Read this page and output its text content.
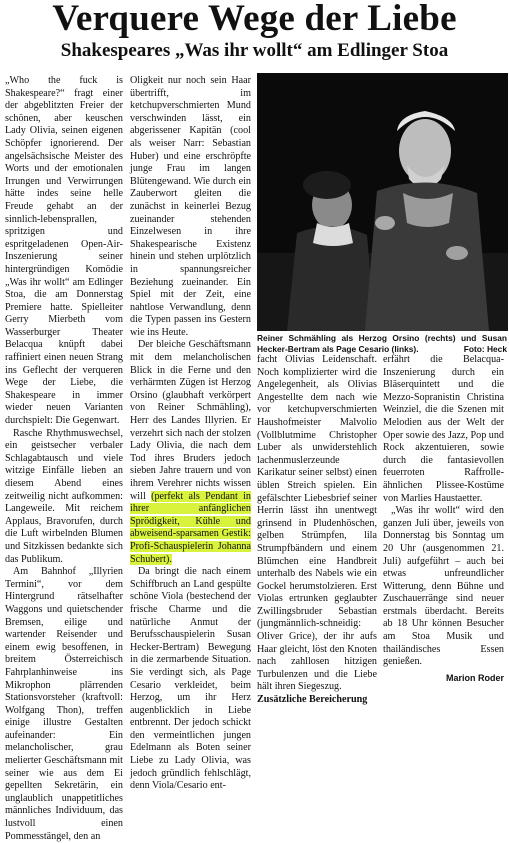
Verquere Wege der Liebe
Shakespeares „Was ihr wollt“ am Edlinger Stoa

„Who the fuck is Shakespeare?“ fragt einer der abgeblitzten Freier der schönen, aber keuschen Lady Olivia, seinen eigenen Schöpfer ignorierend. Der angelsächsische Meister des Worts und der emotionalen Irrungen und Verwirrungen hätte indes seine helle Freude gehabt an der sinnlich-lebensprallen, spritzigen und espritgeladenen Open-Air-Inszenierung seiner hintergründigen Komödie „Was ihr wollt“ am Edlinger Stoa, die am Donnerstag Premiere hatte. Spielleiter Gerry Mierbeth vom Wasserburger Theater Belacqua knüpft dabei raffiniert einen neuen Strang ins Geflecht der verqueren Wege der Liebe, die Shakespeare in immer wieder neuen Varianten durchspielt: Die Gegenwart.

Rasche Rhythmuswechsel, ein geistsecher verbaler Schlagabtausch und viele witzige Einfälle lieben an diesem Abend eines zeitweilig nicht aufkommen: Langeweile. Mit reichem Applaus, Bravorufen, durch die Luft wirbelnden Blumen und Sitzkissen bedankte sich das Publikum.

Am Bahnhof „Illyrien Termini“, vor dem Hintergrund rätselhafter Waggons und quietschender Bremsen, eilige und wartender Reisender und einem ewig besoffenen, in breitem Österreichisch Fahrplanhinweise ins Mikrophon plärrenden Stationsvorsteher (kraftvoll: Wolfgang Thon), treffen einige illustre Gestalten aufeinander: Ein melancholischer, grau melierter Geschäftsmann mit seiner wie aus dem Ei gepellten Sekretärin, ein unglaublich unappetitliches männliches Individuum, das lustvoll einen Pommesstängel, den an

Oligkeit nur noch sein Haar übertrifft, im ketchupverschmierten Mund verschwinden lässt, ein abgerissener Kapitän (cool als weiser Narr: Sebastian Huber) und eine erschröpfte junge Frau im langen Blütengewand. Wie durch ein Zauberwort gleiten die zunächst in keinerlei Bezug zueinander stehenden Einzelwesen in ihre Shakespearische Existenz hinein und stehen urplötzlich in spannungsreicher Beziehung zueinander. Ein Spiel mit der Zeit, eine nahtlose Verwandlung, denn die Typen passen ins Gestern wie ins Heute.

Der bleiche Geschäftsmann mit dem melancholischen Blick in die Ferne und den verhärmten Zügen ist Herzog Orsino (glaubhaft verkörpert von Reiner Schmähling), Herr des Landes Illyrien. Er verzehrt sich nach der stolzen Lady Olivia, die nach dem Tod ihres Bruders jedoch sieben Jahre trauern und von ihrem Verehrer nichts wissen will (perfekt als Pendant in ihrer anfänglichen Sprödigkeit, Kühle und abweisend-sparsamen Gestik: Profi-Schauspielerin Johanna Schubert).

Da bringt die nach einem Schiffbruch an Land gespülte schöne Viola (bestechend der frische Charme und die natürliche Anmut der Berufsschauspielerin Susan Hecker-Bertram) Bewegung in die zermarbende Situation. Sie verdingt sich, als Page Cesario verkleidet, beim Herzog, um ihr Herz augenblicklich in Liebe entbrennt. Der jedoch schickt den vermeintlichen jungen Edelmann als Boten seiner Liebe zu Lady Olivia, was jedoch gründlich fehlschlägt, denn Viola/Cesario ent-

Reiner Schmähling als Herzog Orsino (rechts) und Susan Hecker-Bertram als Page Cesario (links).	Foto: Heck

facht Olivias Leidenschaft. Noch komplizierter wird die Angelegenheit, als Olivias Angestellte dem nach wie vor ketchupverschmierten Haushofmeister Malvolio (Vollblutmime Christopher Luber als unwiderstehlich lachenmuslerzeunde Karikatur seiner selbst) einen üblen Streich spielen. Ein gefälschter Liebesbrief seiner Herrin lässt ihn unentwegt grinsend in Pludenhöschen, gelben Strümpfen, lila Strumpfbändern und einem Blümchen eine Handbreit unterhalb des Nabels wie ein Gockel herumstolzieren. Erst Violas ertrunken geglaubter Zwillingsbruder Sebastian (jungmännlich-schneidig: Oliver Grice), der ihr aufs Haar gleicht, löst den Knoten nach zahllosen hitzigen Turbulenzen und die Liebe hält ihren Siegeszug.

Zusätzliche Bereicherung

erfährt die Belacqua-Inszenierung durch ein Bläserquintett und die Mezzo-Sopranistin Christina Weinziel, die die Szenen mit Melodien aus der Welt der Oper sowie des Jazz, Pop und Rock akzentuieren, sowie durch die fantasievollen feuerroten Raffrolle-ähnlichen Plissee-Kostüme von Marlies Haustaetter.

„Was ihr wollt“ wird den ganzen Juli über, jeweils von Donnerstag bis Sonntag um 20 Uhr (ausgenommen 21. Juli) aufgeführt – auch bei etwas unfreundlicher Witterung, denn Bühne und Zuschauerränge sind neuer erstmals überdacht. Bereits ab 18 Uhr können Besucher am Stoa Musik und thailändisches Essen genießen.

Marion Roder
